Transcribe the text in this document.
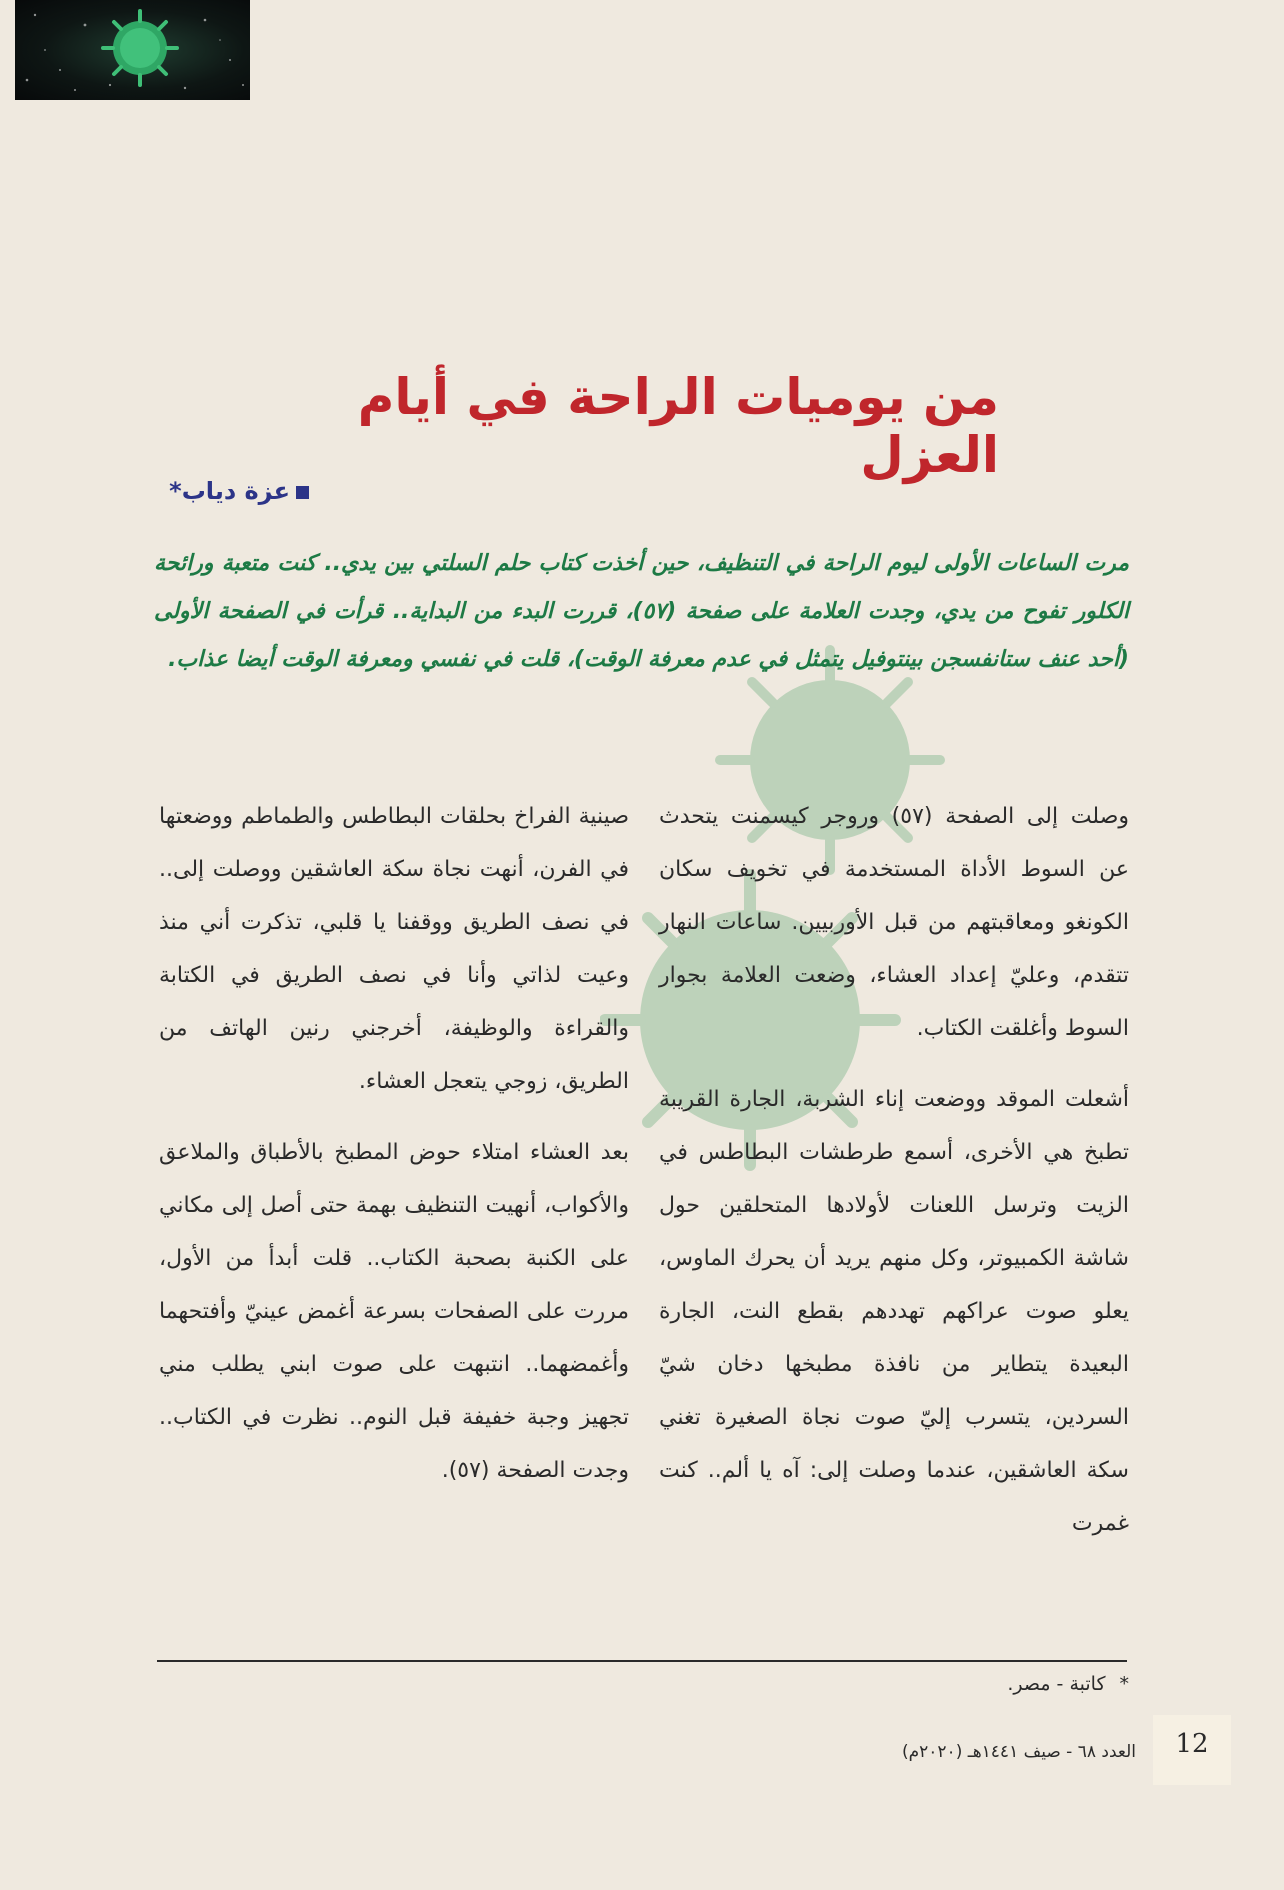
من يوميات الراحة في أيام العزل
عزة دياب*

مرت الساعات الأولى ليوم الراحة في التنظيف، حين أخذت كتاب حلم السلتي بين يدي.. كنت متعبة ورائحة الكلور تفوح من يدي، وجدت العلامة على صفحة (٥٧)، قررت البدء من البداية.. قرأت في الصفحة الأولى (أحد عنف ستانفسجن بينتوفيل يتمثل في عدم معرفة الوقت)، قلت في نفسي ومعرفة الوقت أيضا عذاب.

وصلت إلى الصفحة (٥٧) وروجر كيسمنت يتحدث عن السوط الأداة المستخدمة في تخويف سكان الكونغو ومعاقبتهم من قبل الأوربيين. ساعات النهار تتقدم، وعليّ إعداد العشاء، وضعت العلامة بجوار السوط وأغلقت الكتاب.

أشعلت الموقد ووضعت إناء الشربة، الجارة القريبة تطبخ هي الأخرى، أسمع طرطشات البطاطس في الزيت وترسل اللعنات لأولادها المتحلقين حول شاشة الكمبيوتر، وكل منهم يريد أن يحرك الماوس، يعلو صوت عراكهم تهددهم بقطع النت، الجارة البعيدة يتطاير من نافذة مطبخها دخان شيّ السردين، يتسرب إليّ صوت نجاة الصغيرة تغني سكة العاشقين، عندما وصلت إلى: آه يا ألم.. كنت غمرت

صينية الفراخ بحلقات البطاطس والطماطم ووضعتها في الفرن، أنهت نجاة سكة العاشقين ووصلت إلى.. في نصف الطريق ووقفنا يا قلبي، تذكرت أني منذ وعيت لذاتي وأنا في نصف الطريق في الكتابة والقراءة والوظيفة، أخرجني رنين الهاتف من الطريق، زوجي يتعجل العشاء.

بعد العشاء امتلاء حوض المطبخ بالأطباق والملاعق والأكواب، أنهيت التنظيف بهمة حتى أصل إلى مكاني على الكنبة بصحبة الكتاب.. قلت أبدأ من الأول، مررت على الصفحات بسرعة أغمض عينيّ وأفتحهما وأغمضهما.. انتبهت على صوت ابني يطلب مني تجهيز وجبة خفيفة قبل النوم.. نظرت في الكتاب.. وجدت الصفحة (٥٧).

*كاتبة - مصر.
العدد ٦٨ - صيف ١٤٤١هـ (٢٠٢٠م)	12
